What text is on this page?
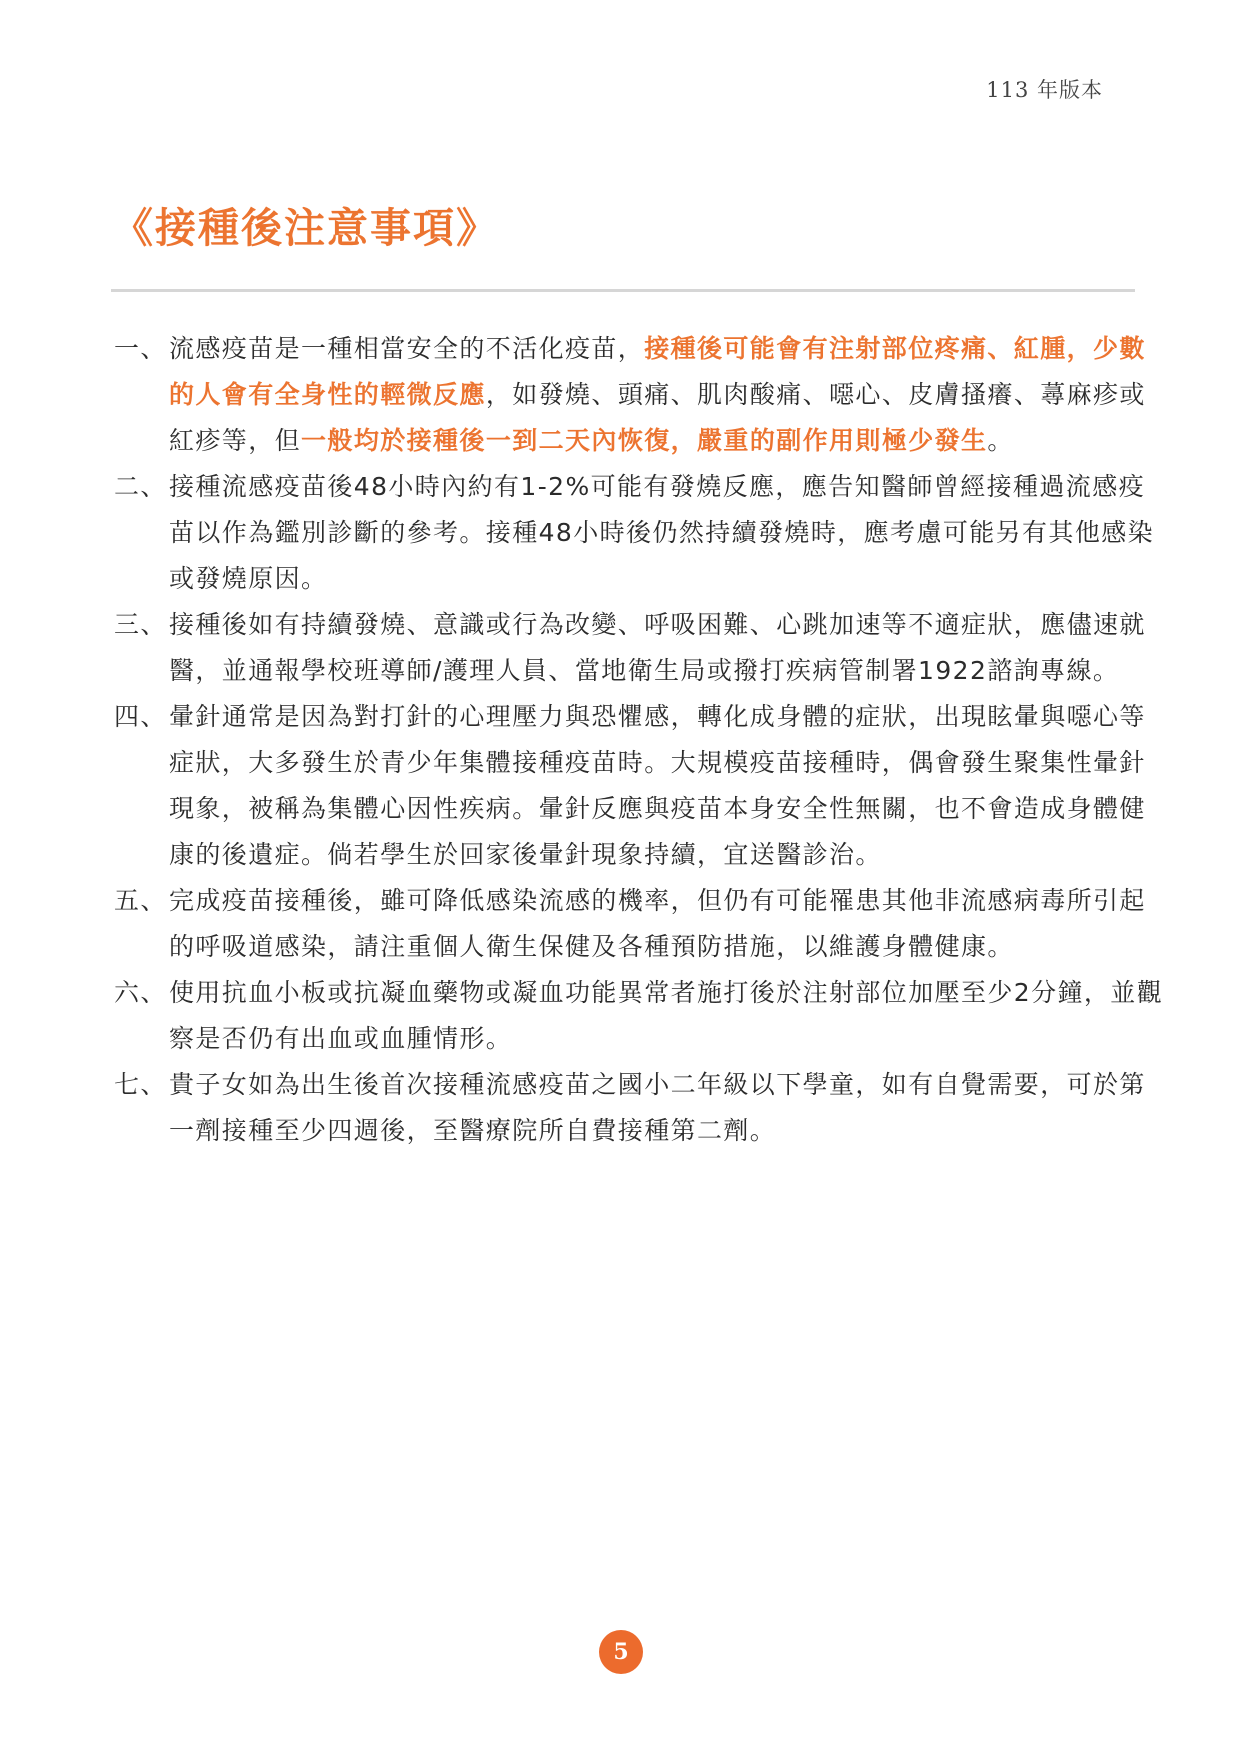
113 年版本
《接種後注意事項》
一、 流感疫苗是一種相當安全的不活化疫苗，接種後可能會有注射部位疼痛、紅腫，少數的人會有全身性的輕微反應，如發燒、頭痛、肌肉酸痛、噁心、皮膚搔癢、蕁麻疹或紅疹等，但一般均於接種後一到二天內恢復，嚴重的副作用則極少發生。

二、 接種流感疫苗後48小時內約有1-2%可能有發燒反應，應告知醫師曾經接種過流感疫苗以作為鑑別診斷的參考。接種48小時後仍然持續發燒時，應考慮可能另有其他感染或發燒原因。

三、 接種後如有持續發燒、意識或行為改變、呼吸困難、心跳加速等不適症狀，應儘速就醫，並通報學校班導師/護理人員、當地衛生局或撥打疾病管制署1922諮詢專線。

四、 暈針通常是因為對打針的心理壓力與恐懼感，轉化成身體的症狀，出現眩暈與噁心等症狀，大多發生於青少年集體接種疫苗時。大規模疫苗接種時，偶會發生聚集性暈針現象，被稱為集體心因性疾病。暈針反應與疫苗本身安全性無關，也不會造成身體健康的後遺症。倘若學生於回家後暈針現象持續，宜送醫診治。

五、 完成疫苗接種後，雖可降低感染流感的機率，但仍有可能罹患其他非流感病毒所引起的呼吸道感染，請注重個人衛生保健及各種預防措施，以維護身體健康。

六、 使用抗血小板或抗凝血藥物或凝血功能異常者施打後於注射部位加壓至少2分鐘，並觀察是否仍有出血或血腫情形。

七、 貴子女如為出生後首次接種流感疫苗之國小二年級以下學童，如有自覺需要，可於第一劑接種至少四週後，至醫療院所自費接種第二劑。

5
